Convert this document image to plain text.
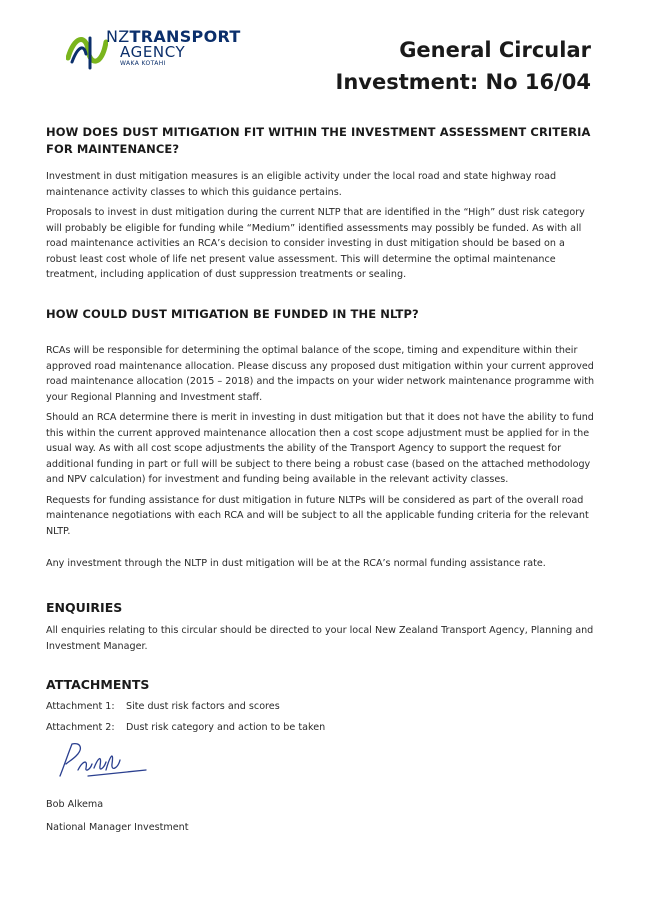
NZTRANSPORT
AGENCY
WAKA KOTAHI
General Circular
Investment: No 16/04
HOW DOES DUST MITIGATION FIT WITHIN THE INVESTMENT ASSESSMENT CRITERIA FOR MAINTENANCE?

Investment in dust mitigation measures is an eligible activity under the local road and state highway road maintenance activity classes to which this guidance pertains.

Proposals to invest in dust mitigation during the current NLTP that are identified in the “High” dust risk category will probably be eligible for funding while “Medium” identified assessments may possibly be funded. As with all road maintenance activities an RCA’s decision to consider investing in dust mitigation should be based on a robust least cost whole of life net present value assessment. This will determine the optimal maintenance treatment, including application of dust suppression treatments or sealing.

HOW COULD DUST MITIGATION BE FUNDED IN THE NLTP?

RCAs will be responsible for determining the optimal balance of the scope, timing and expenditure within their approved road maintenance allocation. Please discuss any proposed dust mitigation within your current approved road maintenance allocation (2015 – 2018) and the impacts on your wider network maintenance programme with your Regional Planning and Investment staff.

Should an RCA determine there is merit in investing in dust mitigation but that it does not have the ability to fund this within the current approved maintenance allocation then a cost scope adjustment must be applied for in the usual way. As with all cost scope adjustments the ability of the Transport Agency to support the request for additional funding in part or full will be subject to there being a robust case (based on the attached methodology and NPV calculation) for investment and funding being available in the relevant activity classes.

Requests for funding assistance for dust mitigation in future NLTPs will be considered as part of the overall road maintenance negotiations with each RCA and will be subject to all the applicable funding criteria for the relevant NLTP.

Any investment through the NLTP in dust mitigation will be at the RCA’s normal funding assistance rate.

ENQUIRIES

All enquiries relating to this circular should be directed to your local New Zealand Transport Agency, Planning and Investment Manager.

ATTACHMENTS
Attachment 1: Site dust risk factors and scores
Attachment 2: Dust risk category and action to be taken
Bob Alkema
National Manager Investment
